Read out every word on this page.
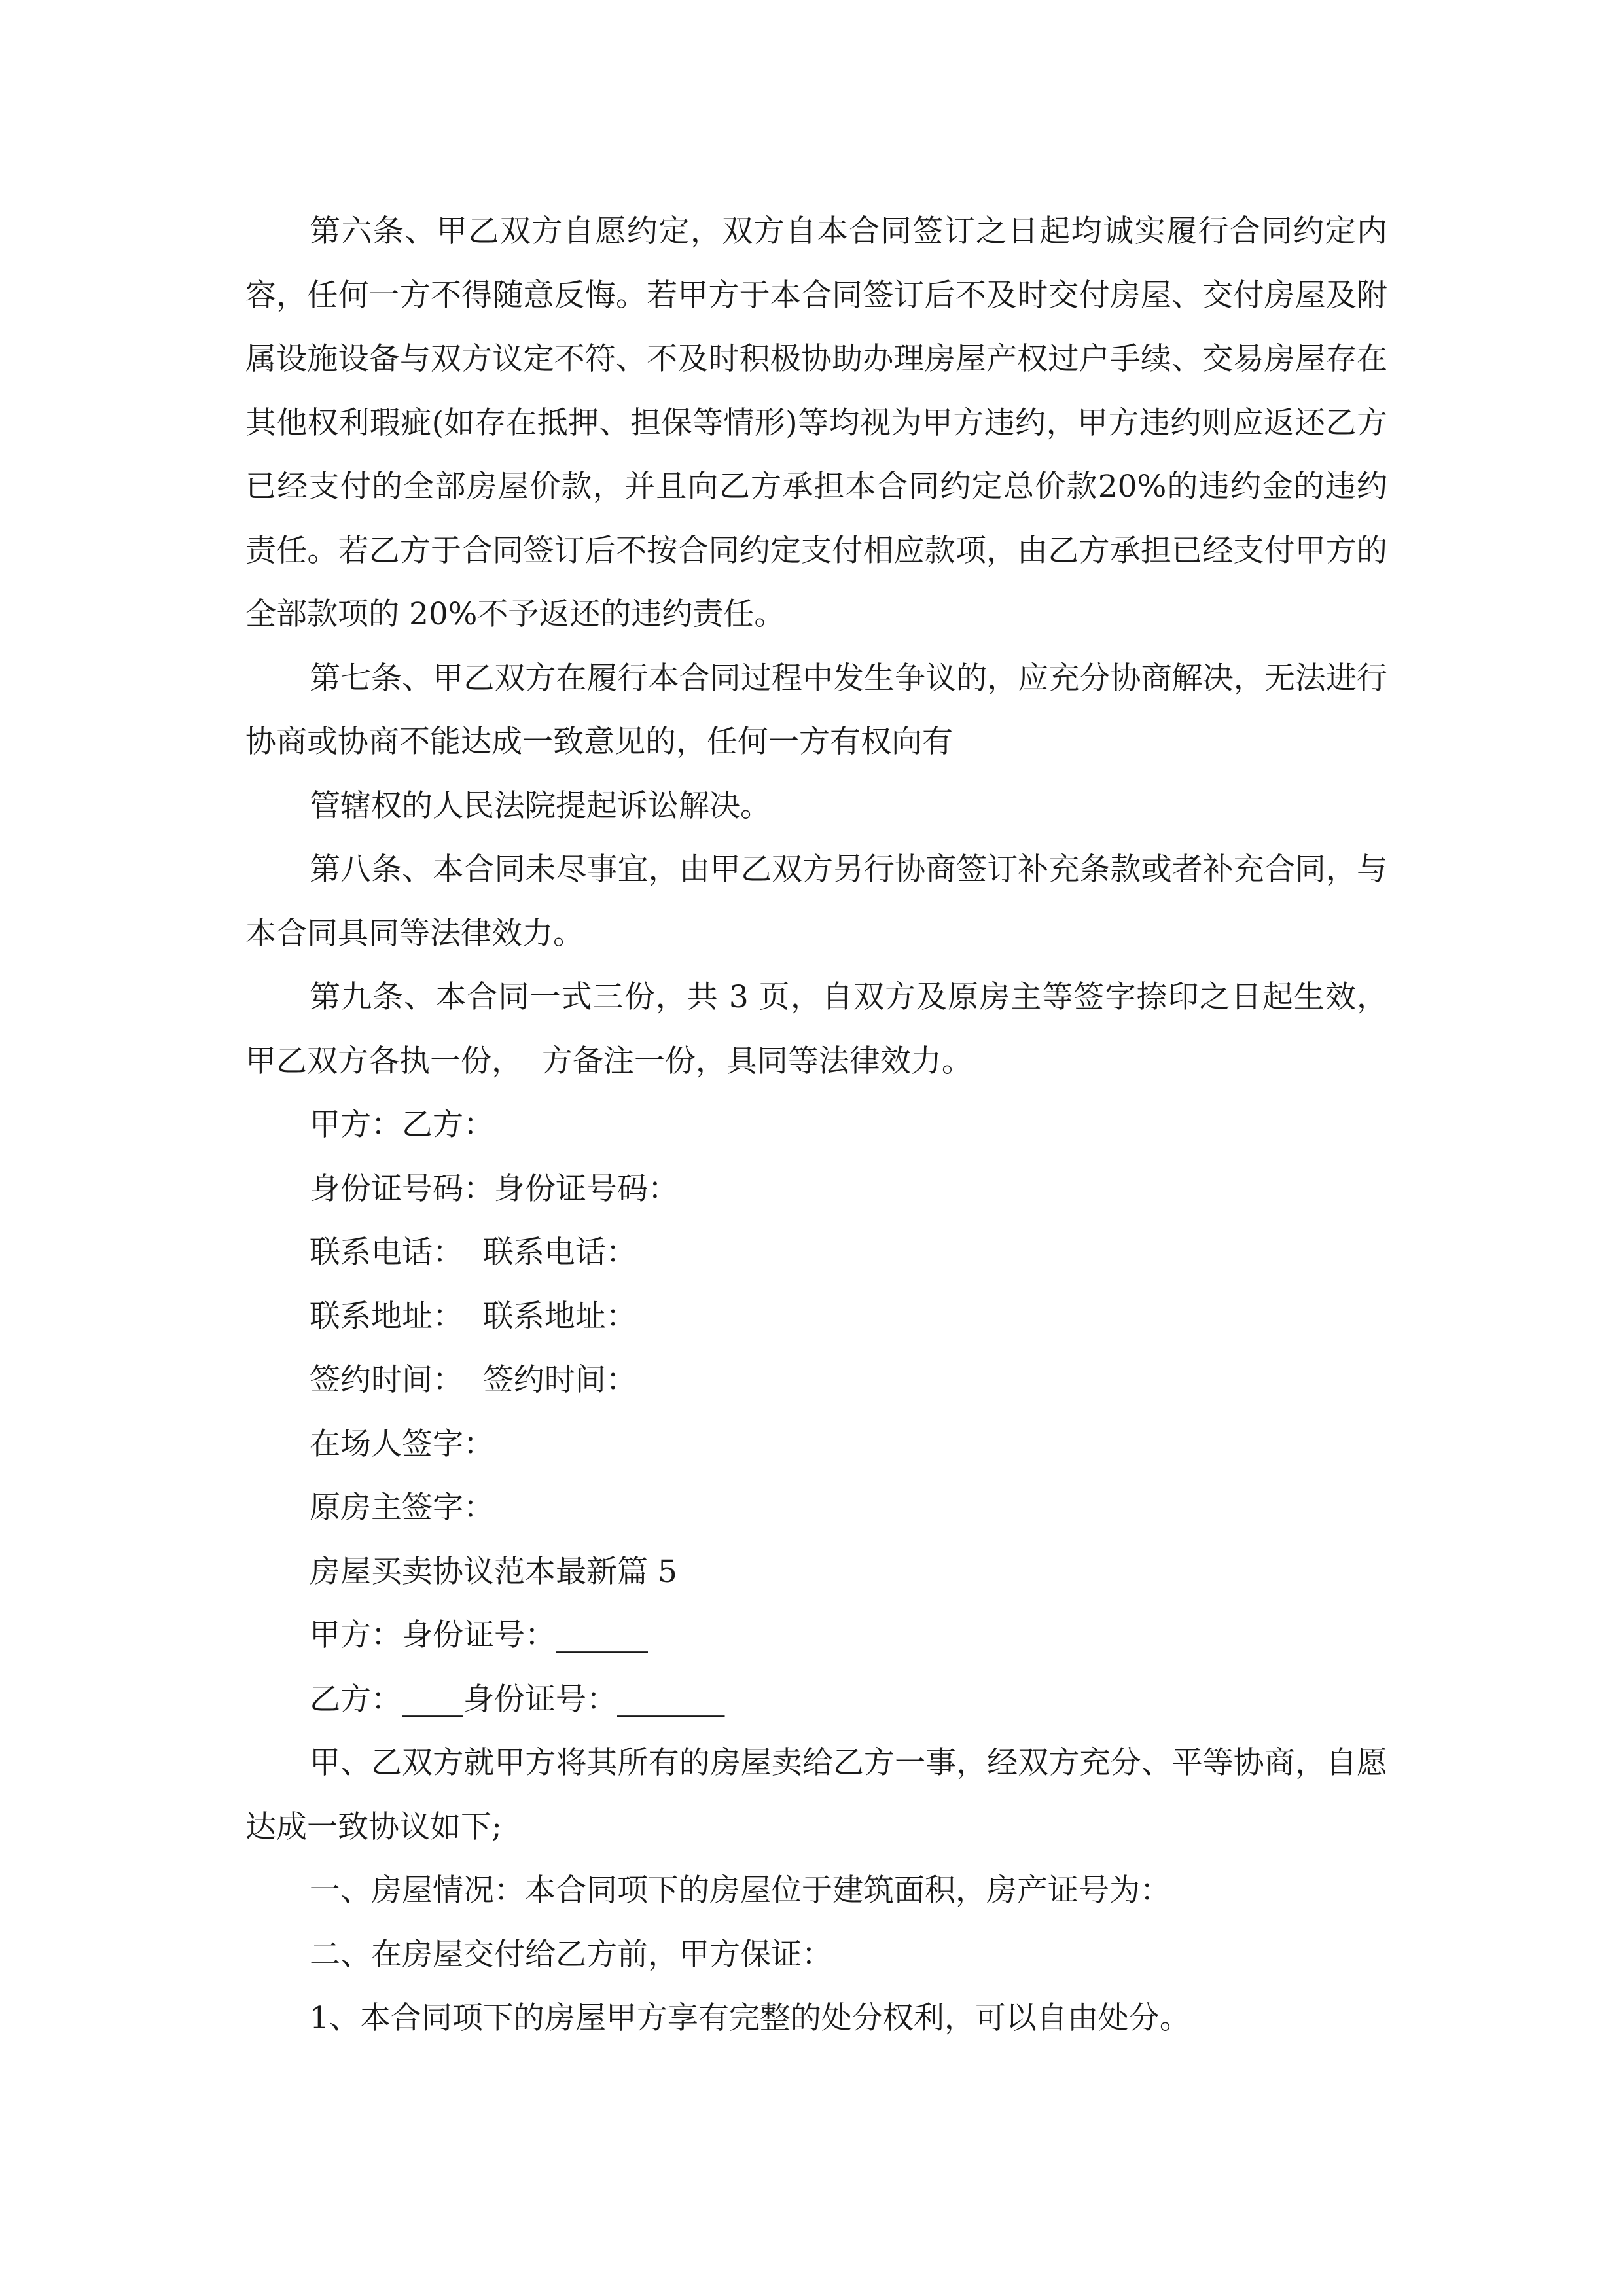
第六条、甲乙双方自愿约定，双方自本合同签订之日起均诚实履行合同约定内容，任何一方不得随意反悔。若甲方于本合同签订后不及时交付房屋、交付房屋及附属设施设备与双方议定不符、不及时积极协助办理房屋产权过户手续、交易房屋存在其他权利瑕疵(如存在抵押、担保等情形)等均视为甲方违约，甲方违约则应返还乙方已经支付的全部房屋价款，并且向乙方承担本合同约定总价款20%的违约金的违约责任。若乙方于合同签订后不按合同约定支付相应款项，由乙方承担已经支付甲方的全部款项的 20%不予返还的违约责任。

第七条、甲乙双方在履行本合同过程中发生争议的，应充分协商解决，无法进行协商或协商不能达成一致意见的，任何一方有权向有

管辖权的人民法院提起诉讼解决。

第八条、本合同未尽事宜，由甲乙双方另行协商签订补充条款或者补充合同，与本合同具同等法律效力。

第九条、本合同一式三份，共 3 页，自双方及原房主等签字捺印之日起生效，甲乙双方各执一份，  方备注一份，具同等法律效力。

甲方：乙方：

身份证号码：身份证号码：

联系电话：  联系电话：

联系地址：  联系地址：

签约时间：  签约时间：

在场人签字：

原房主签字：

房屋买卖协议范本最新篇 5

甲方：身份证号：______

乙方：____身份证号：_______

甲、乙双方就甲方将其所有的房屋卖给乙方一事，经双方充分、平等协商，自愿达成一致协议如下;

一、房屋情况：本合同项下的房屋位于建筑面积，房产证号为：

二、在房屋交付给乙方前，甲方保证：

1、本合同项下的房屋甲方享有完整的处分权利，可以自由处分。
